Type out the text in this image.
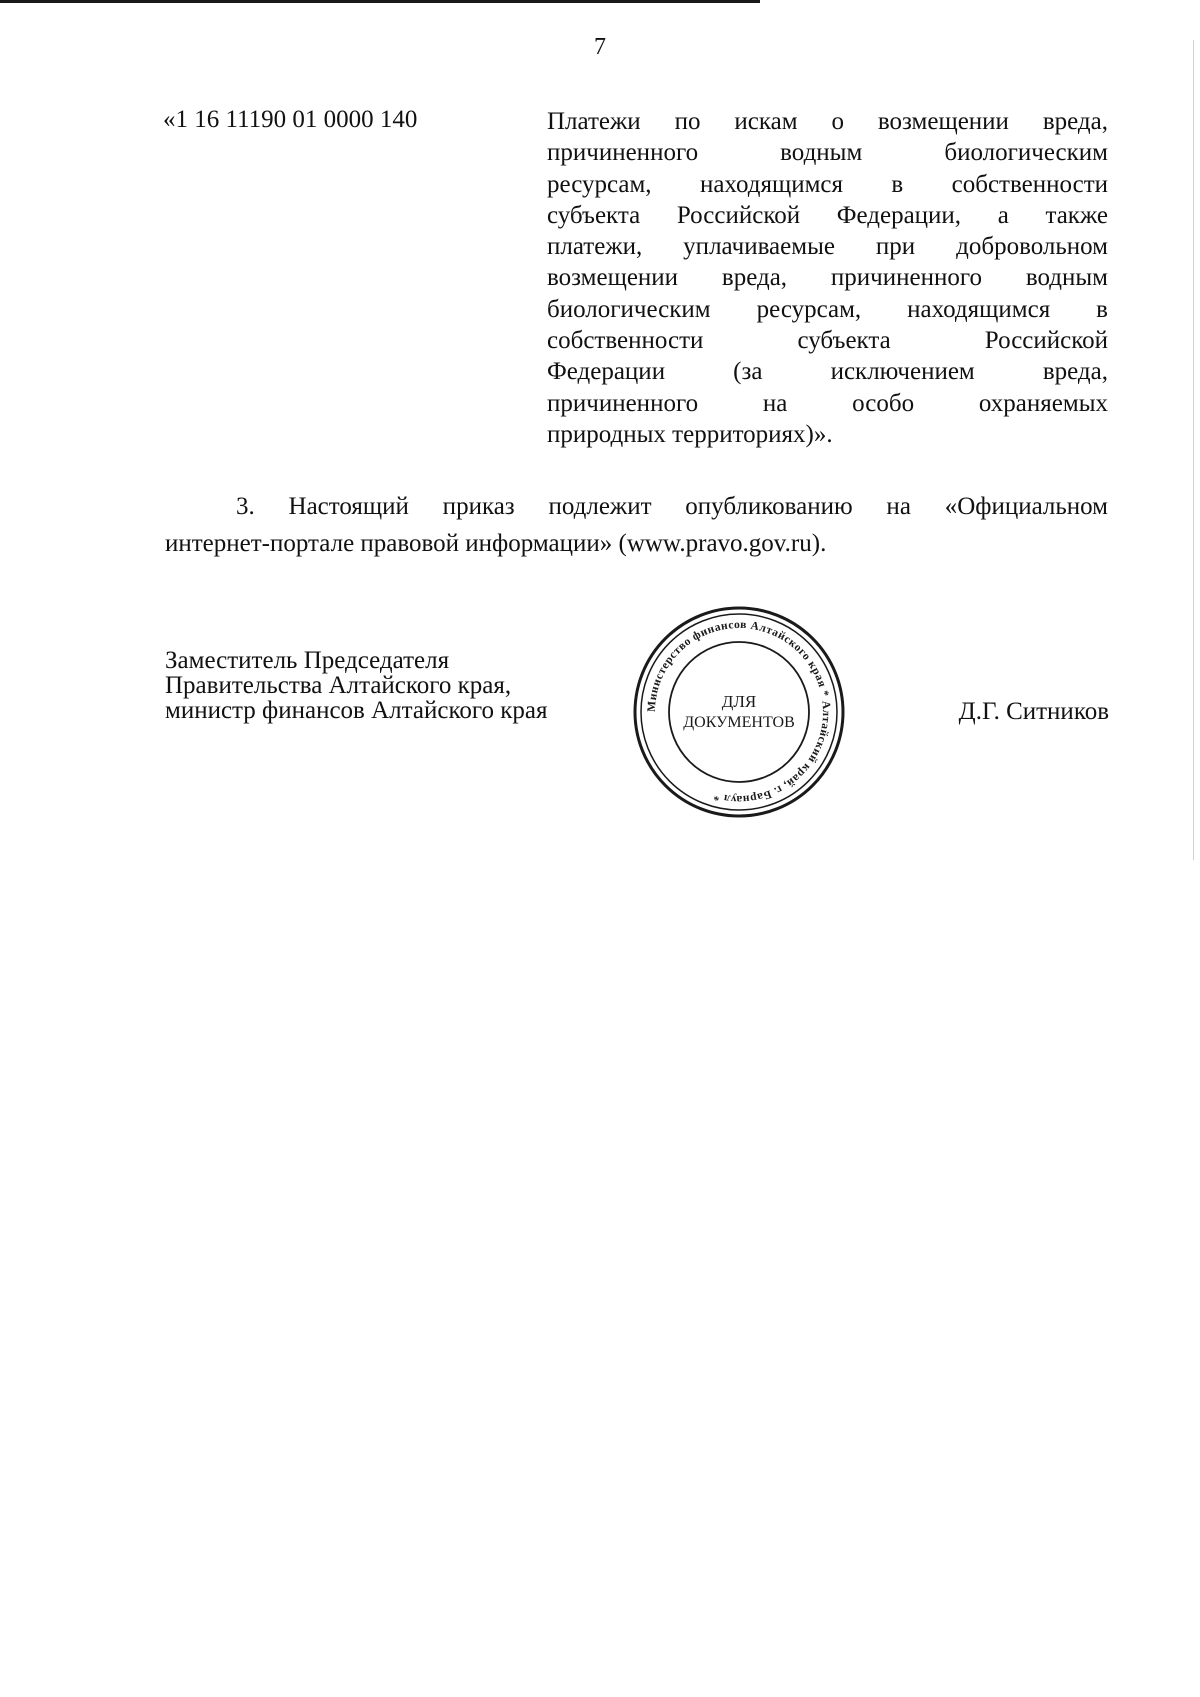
7
«1 16 11190 01 0000 140	Платежи по искам о возмещении вреда,
причиненного водным биологическим
ресурсам, находящимся в собственности
субъекта Российской Федерации, а также
платежи, уплачиваемые при добровольном
возмещении вреда, причиненного водным
биологическим ресурсам, находящимся в
собственности субъекта Российской
Федерации (за исключением вреда,
причиненного на особо охраняемых
природных территориях)».
3. Настоящий приказ подлежит опубликованию на «Официальном
интернет-портале правовой информации» (www.pravo.gov.ru).
Заместитель Председателя
Правительства Алтайского края,
министр финансов Алтайского края	Министерство финансов Алтайского края * Алтайский край, г. Барнаул *
ДЛЯ
ДОКУМЕНТОВ	Д.Г. Ситников
